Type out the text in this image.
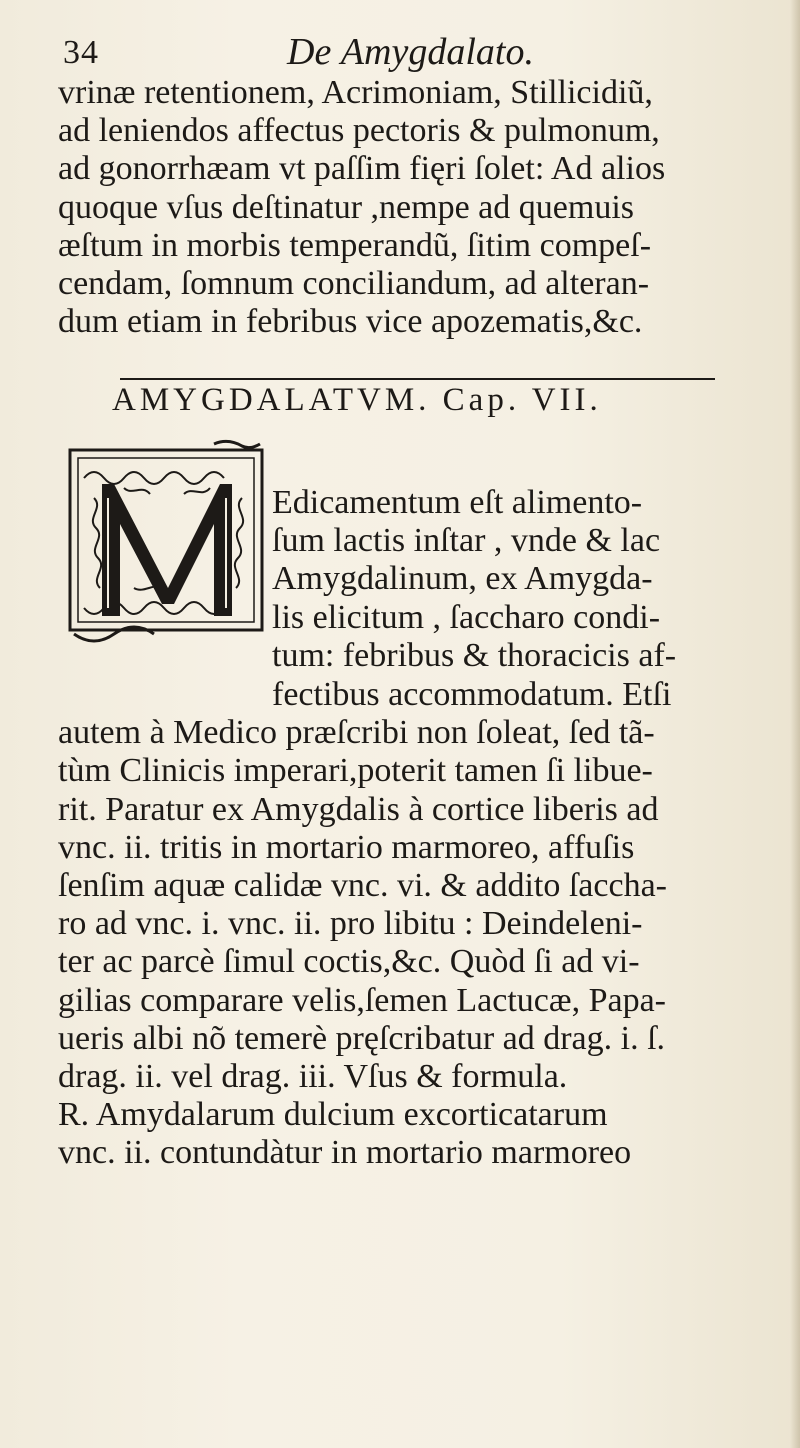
34	De Аmygdalato.
vrinæ retentionem, Acrimoniam, Stillicidiũ,
ad leniendos affectus pectoris & pulmonum,
ad gonorrhæam vt paſſim fięri ſolet: Ad alios
quoque vſus deſtinatur ,nempe ad quemuis
æſtum in morbis temperandũ, ſitim compeſ-
cendam, ſomnum conciliandum, ad alteran-
dum etiam in febribus vice apozematis,&c.
AMYGDALATVM. Cap. VII.
Edicamentum eſt alimento-
ſum lactis inſtar , vnde & lac
Amygdalinum, ex Amygda-
lis elicitum , ſaccharo condi-
tum: febribus & thoracicis af-
fectibus accommodatum. Etſi
autem à Medico præſcribi non ſoleat, ſed tã-
tùm Clinicis imperari,poterit tamen ſi libue-
rit. Paratur ex Amygdalis à cortice liberis ad
vnc. ii. tritis in mortario marmoreo, affuſis
ſenſim aquæ calidæ vnc. vi. & addito ſaccha-
ro ad vnc. i. vnc. ii. pro libitu : Deindeleni-
ter ac parcè ſimul coctis,&c. Quòd ſi ad vi-
gilias comparare velis,ſemen Lactucæ, Papa-
ueris albi nõ temerè pręſcribatur ad drag. i. ſ.
drag. ii. vel drag. iii. Vſus & formula.
R. Amydalarum dulcium excorticatarum
vnc. ii. contundàtur in mortario marmoreo
